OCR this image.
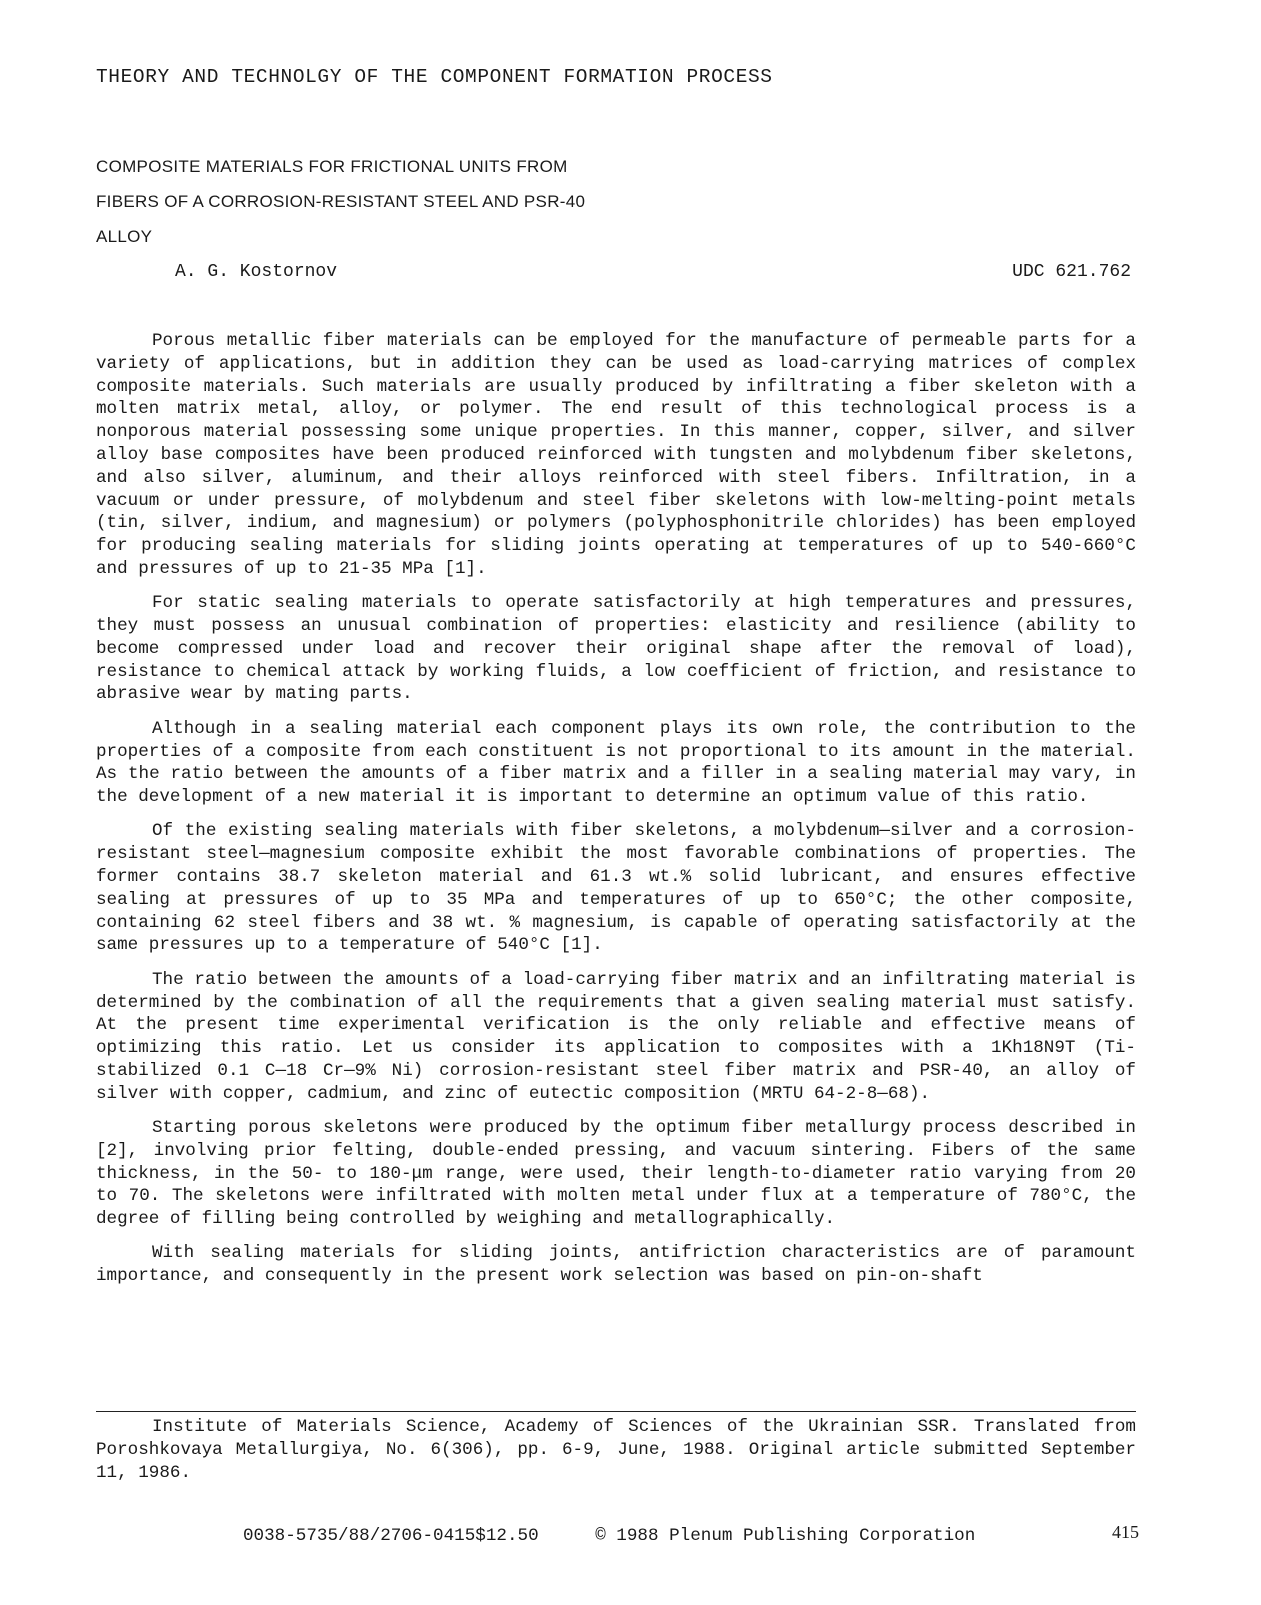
THEORY AND TECHNOLGY OF THE COMPONENT FORMATION PROCESS
COMPOSITE MATERIALS FOR FRICTIONAL UNITS FROM
FIBERS OF A CORROSION-RESISTANT STEEL AND PSR-40
ALLOY
A. G. Kostornov	UDC 621.762

Porous metallic fiber materials can be employed for the manufacture of permeable parts for a variety of applications, but in addition they can be used as load-carrying matrices of complex composite materials. Such materials are usually produced by infiltrating a fiber skeleton with a molten matrix metal, alloy, or polymer. The end result of this technological process is a nonporous material possessing some unique properties. In this manner, copper, silver, and silver alloy base composites have been produced reinforced with tungsten and molybdenum fiber skeletons, and also silver, aluminum, and their alloys reinforced with steel fibers. Infiltration, in a vacuum or under pressure, of molybdenum and steel fiber skeletons with low-melting-point metals (tin, silver, indium, and magnesium) or polymers (polyphosphonitrile chlorides) has been employed for producing sealing materials for sliding joints operating at temperatures of up to 540-660°C and pressures of up to 21-35 MPa [1].

For static sealing materials to operate satisfactorily at high temperatures and pressures, they must possess an unusual combination of properties: elasticity and resilience (ability to become compressed under load and recover their original shape after the removal of load), resistance to chemical attack by working fluids, a low coefficient of friction, and resistance to abrasive wear by mating parts.

Although in a sealing material each component plays its own role, the contribution to the properties of a composite from each constituent is not proportional to its amount in the material. As the ratio between the amounts of a fiber matrix and a filler in a sealing material may vary, in the development of a new material it is important to determine an optimum value of this ratio.

Of the existing sealing materials with fiber skeletons, a molybdenum—silver and a corrosion-resistant steel—magnesium composite exhibit the most favorable combinations of properties. The former contains 38.7 skeleton material and 61.3 wt.% solid lubricant, and ensures effective sealing at pressures of up to 35 MPa and temperatures of up to 650°C; the other composite, containing 62 steel fibers and 38 wt. % magnesium, is capable of operating satisfactorily at the same pressures up to a temperature of 540°C [1].

The ratio between the amounts of a load-carrying fiber matrix and an infiltrating material is determined by the combination of all the requirements that a given sealing material must satisfy. At the present time experimental verification is the only reliable and effective means of optimizing this ratio. Let us consider its application to composites with a 1Kh18N9T (Ti-stabilized 0.1 C—18 Cr—9% Ni) corrosion-resistant steel fiber matrix and PSR-40, an alloy of silver with copper, cadmium, and zinc of eutectic composition (MRTU 64-2-8—68).

Starting porous skeletons were produced by the optimum fiber metallurgy process described in [2], involving prior felting, double-ended pressing, and vacuum sintering. Fibers of the same thickness, in the 50- to 180-μm range, were used, their length-to-diameter ratio varying from 20 to 70. The skeletons were infiltrated with molten metal under flux at a temperature of 780°C, the degree of filling being controlled by weighing and metallographically.

With sealing materials for sliding joints, antifriction characteristics are of paramount importance, and consequently in the present work selection was based on pin-on-shaft

Institute of Materials Science, Academy of Sciences of the Ukrainian SSR. Translated from Poroshkovaya Metallurgiya, No. 6(306), pp. 6-9, June, 1988. Original article submitted September 11, 1986.

0038-5735/88/2706-0415$12.50	© 1988 Plenum Publishing Corporation	415
